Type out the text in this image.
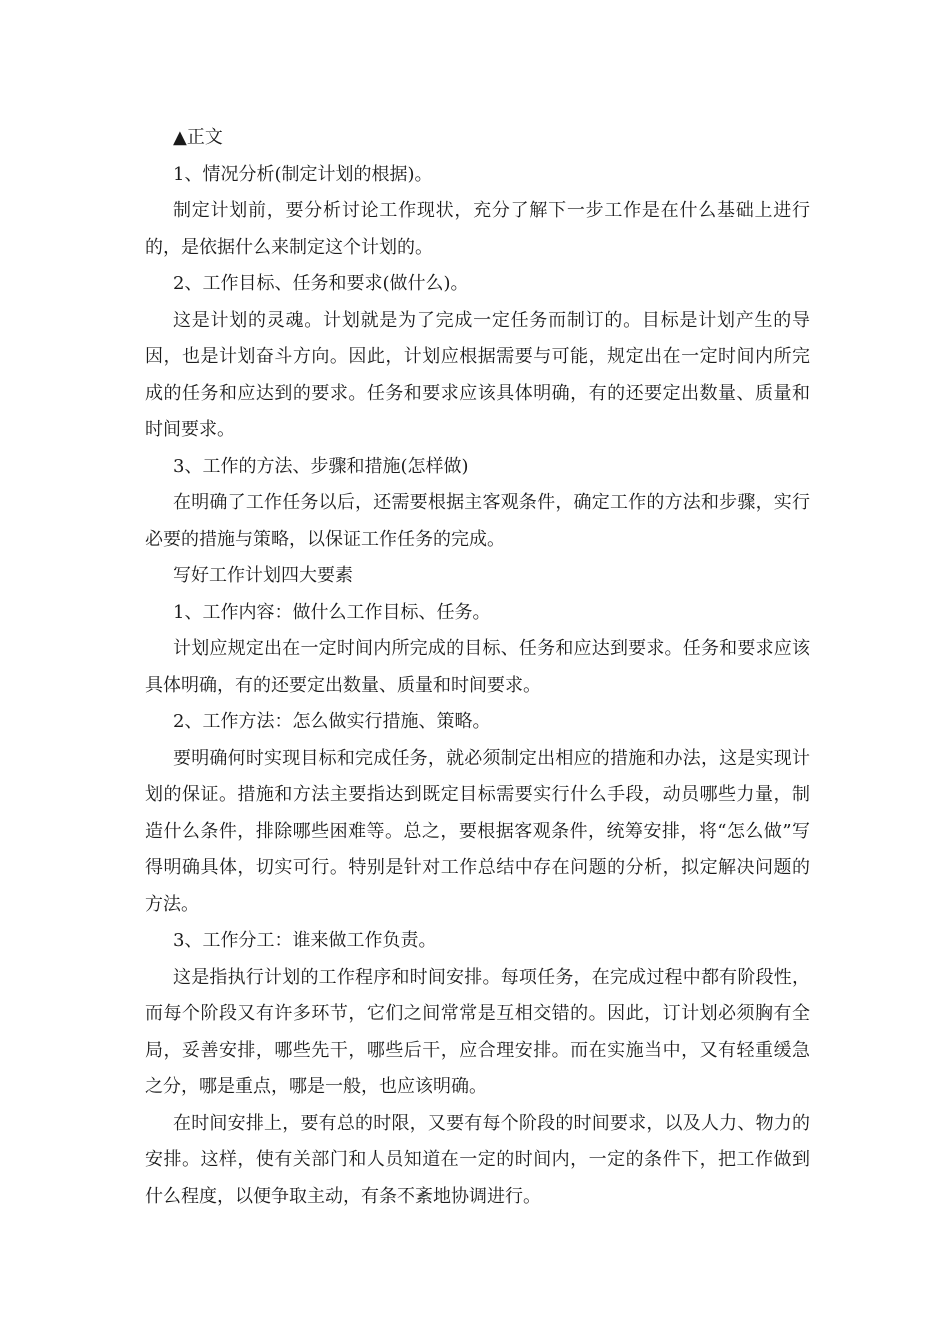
▲正文

1、情况分析(制定计划的根据)。

制定计划前，要分析讨论工作现状，充分了解下一步工作是在什么基础上进行的，是依据什么来制定这个计划的。

2、工作目标、任务和要求(做什么)。

这是计划的灵魂。计划就是为了完成一定任务而制订的。目标是计划产生的导因，也是计划奋斗方向。因此，计划应根据需要与可能，规定出在一定时间内所完成的任务和应达到的要求。任务和要求应该具体明确，有的还要定出数量、质量和时间要求。

3、工作的方法、步骤和措施(怎样做)

在明确了工作任务以后，还需要根据主客观条件，确定工作的方法和步骤，实行必要的措施与策略，以保证工作任务的完成。

写好工作计划四大要素

1、工作内容：做什么工作目标、任务。

计划应规定出在一定时间内所完成的目标、任务和应达到要求。任务和要求应该具体明确，有的还要定出数量、质量和时间要求。

2、工作方法：怎么做实行措施、策略。

要明确何时实现目标和完成任务，就必须制定出相应的措施和办法，这是实现计划的保证。措施和方法主要指达到既定目标需要实行什么手段，动员哪些力量，制造什么条件，排除哪些困难等。总之，要根据客观条件，统筹安排，将“怎么做”写得明确具体，切实可行。特别是针对工作总结中存在问题的分析，拟定解决问题的方法。

3、工作分工：谁来做工作负责。

这是指执行计划的工作程序和时间安排。每项任务，在完成过程中都有阶段性，而每个阶段又有许多环节，它们之间常常是互相交错的。因此，订计划必须胸有全局，妥善安排，哪些先干，哪些后干，应合理安排。而在实施当中，又有轻重缓急之分，哪是重点，哪是一般，也应该明确。

在时间安排上，要有总的时限，又要有每个阶段的时间要求，以及人力、物力的安排。这样，使有关部门和人员知道在一定的时间内，一定的条件下，把工作做到什么程度，以便争取主动，有条不紊地协调进行。
